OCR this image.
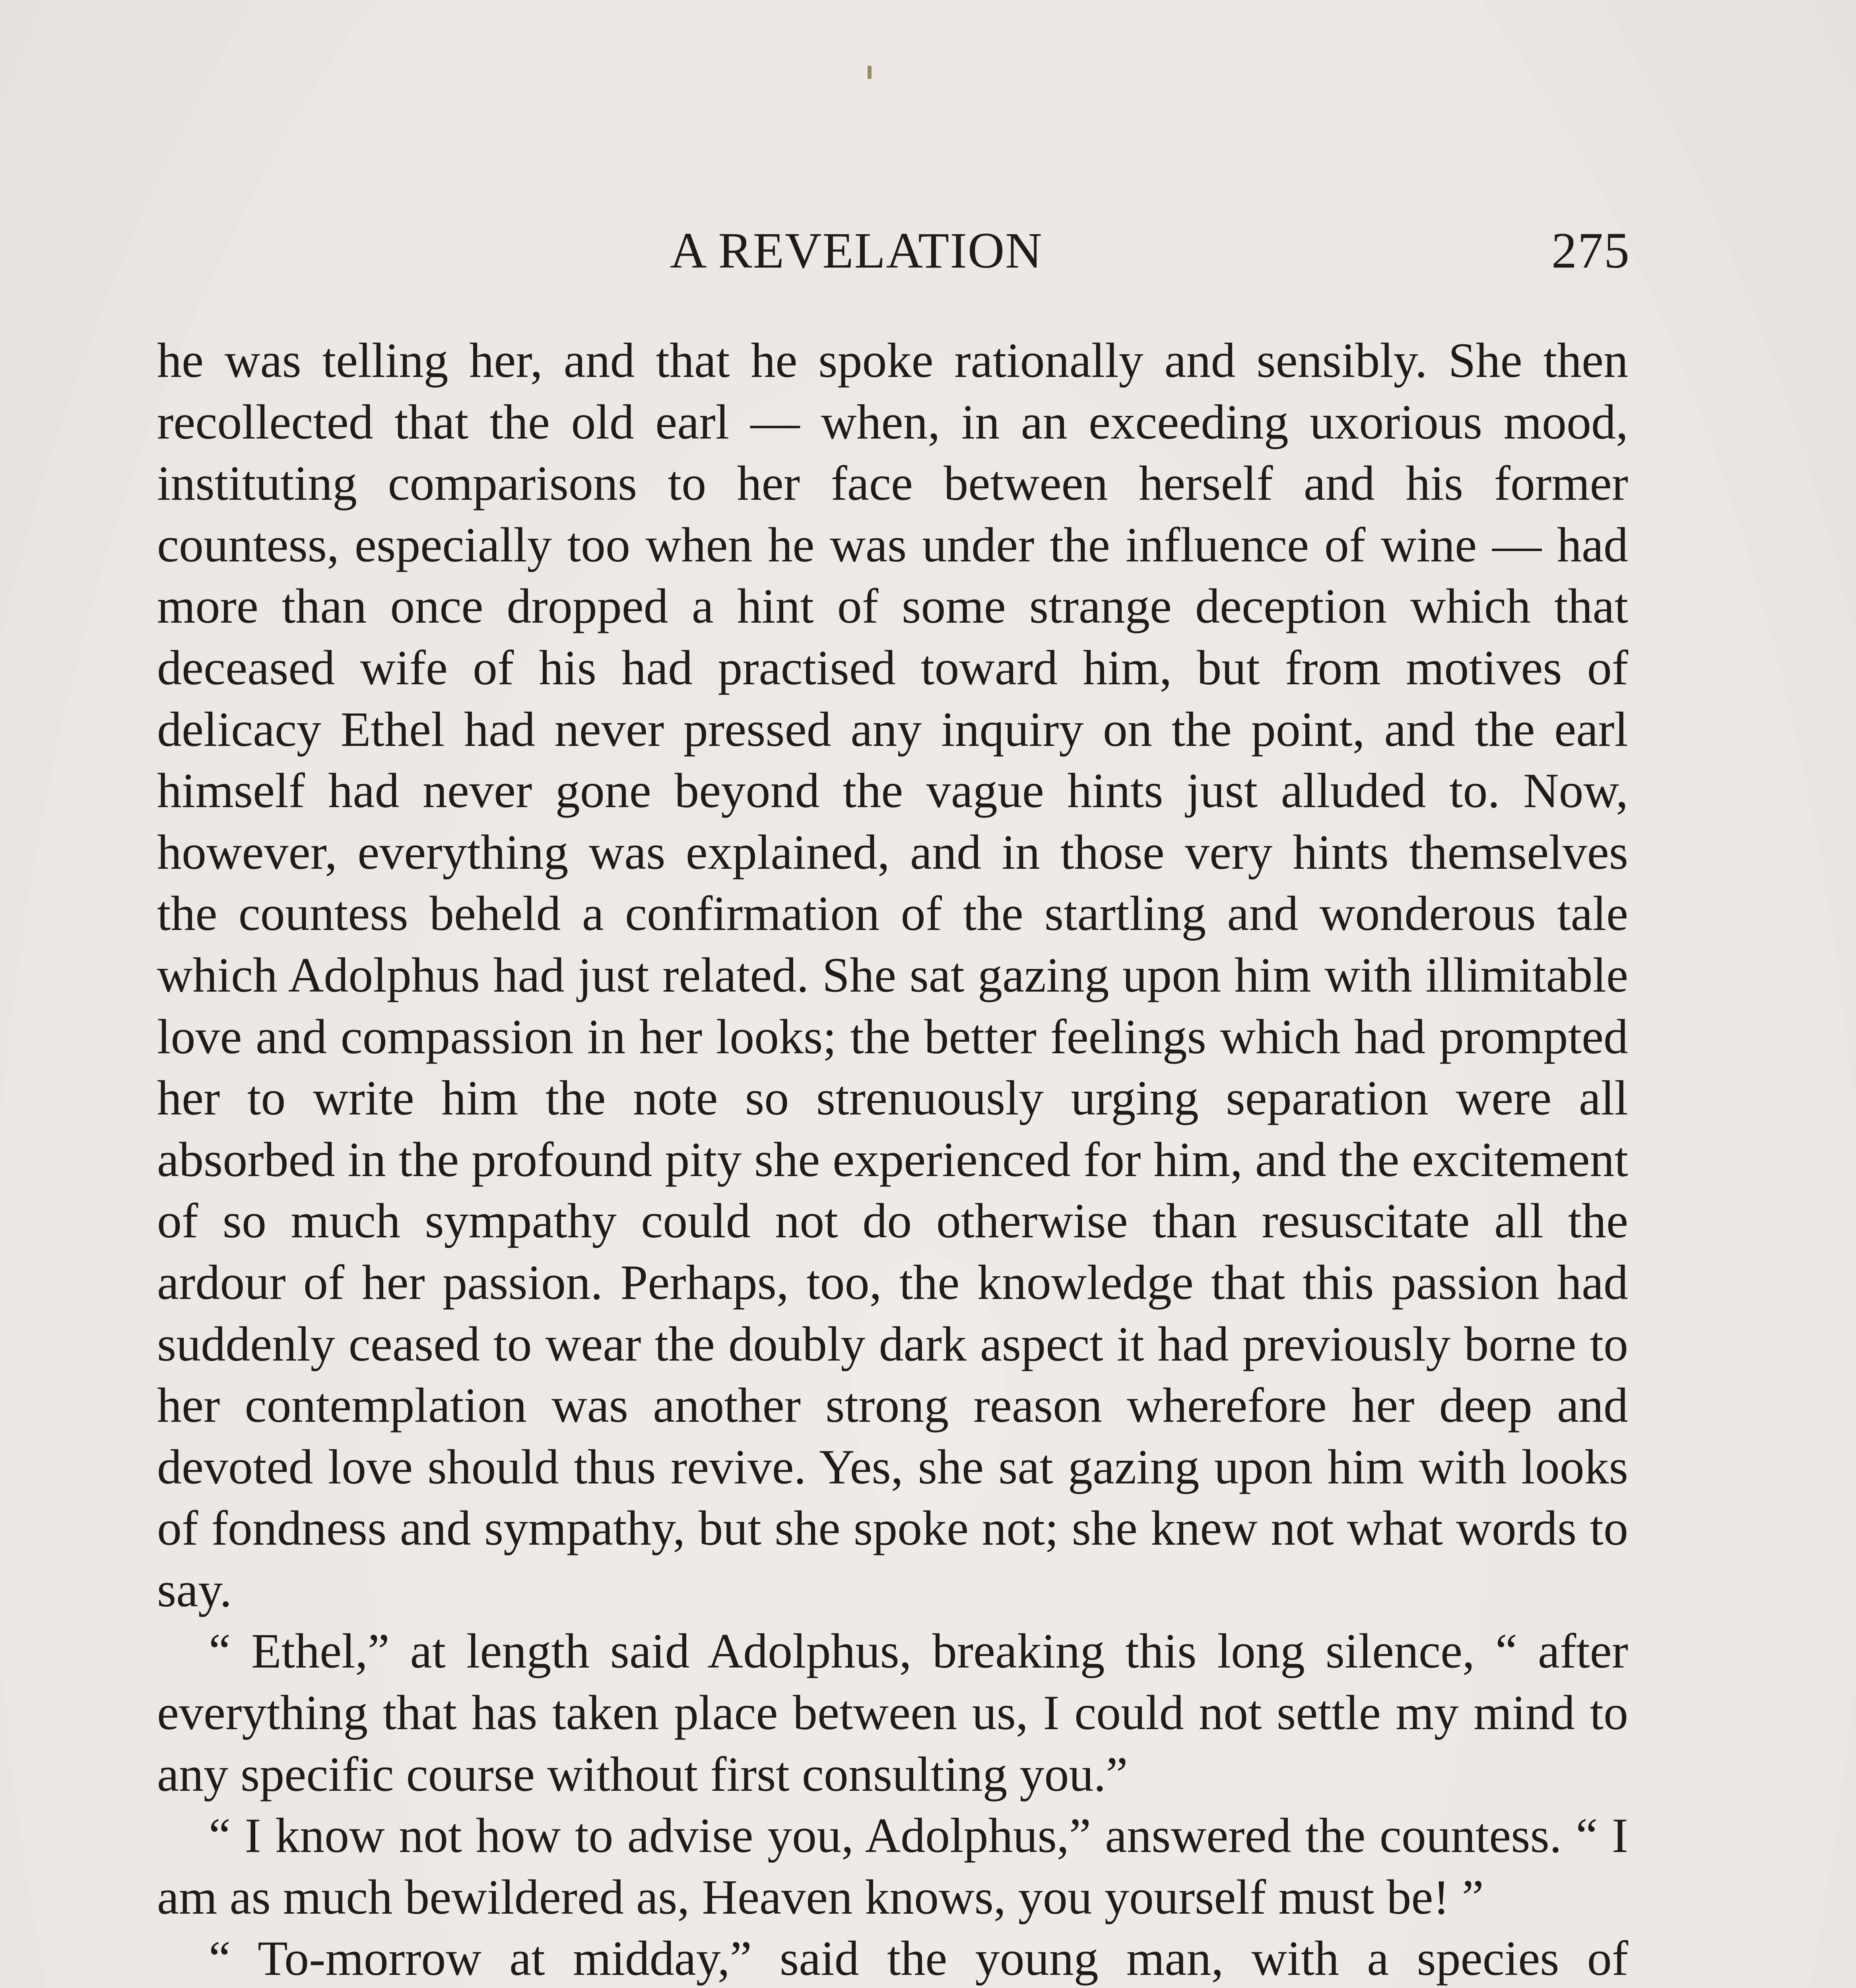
A REVELATION	275

he was telling her, and that he spoke rationally and sensibly. She then recollected that the old earl — when, in an exceeding uxorious mood, instituting comparisons to her face between herself and his former countess, especially too when he was under the influence of wine — had more than once dropped a hint of some strange deception which that deceased wife of his had practised toward him, but from motives of delicacy Ethel had never pressed any inquiry on the point, and the earl himself had never gone beyond the vague hints just alluded to. Now, however, everything was explained, and in those very hints themselves the countess beheld a confirmation of the startling and wonderous tale which Adolphus had just related. She sat gazing upon him with illimitable love and compassion in her looks; the better feelings which had prompted her to write him the note so strenuously urging separation were all absorbed in the profound pity she experienced for him, and the excitement of so much sympathy could not do otherwise than resuscitate all the ardour of her passion. Perhaps, too, the knowledge that this passion had suddenly ceased to wear the doubly dark aspect it had previously borne to her contemplation was another strong reason wherefore her deep and devoted love should thus revive. Yes, she sat gazing upon him with looks of fondness and sympathy, but she spoke not; she knew not what words to say.

“ Ethel,” at length said Adolphus, breaking this long silence, “ after everything that has taken place between us, I could not settle my mind to any specific course without first consulting you.”

“ I know not how to advise you, Adolphus,” answered the countess. “ I am as much bewildered as, Heaven knows, you yourself must be! ”

“ To-morrow at midday,” said the young man, with a species of
